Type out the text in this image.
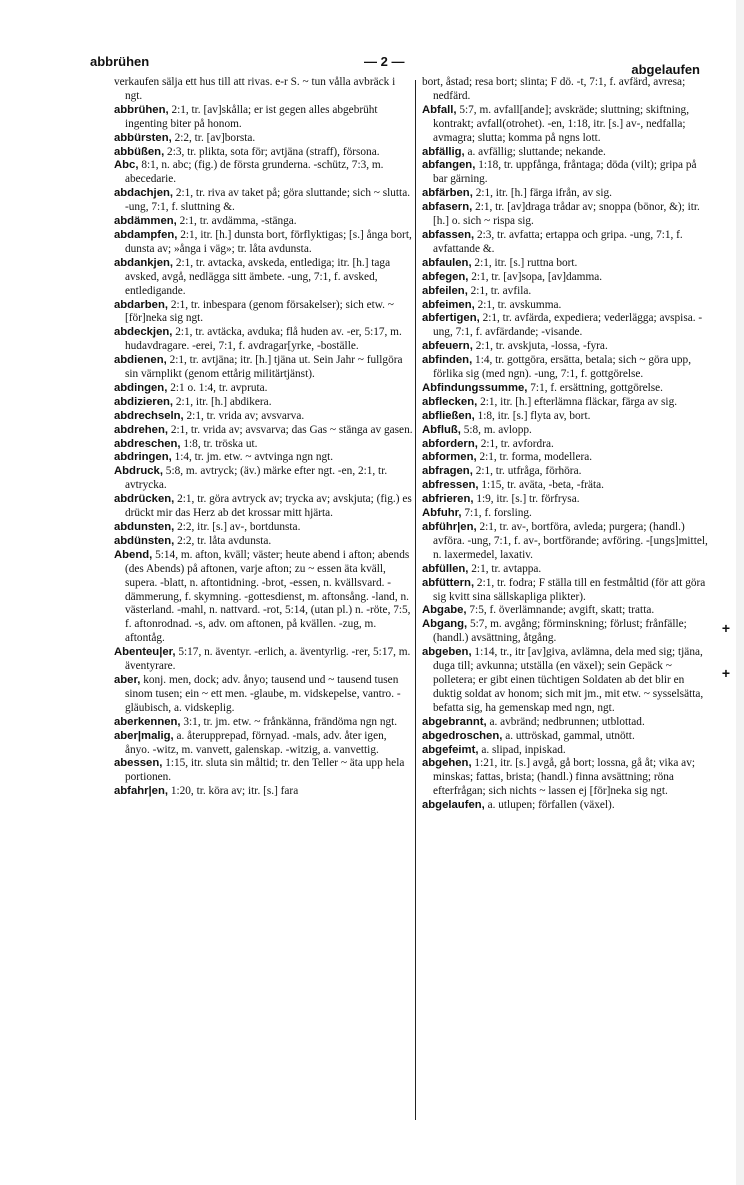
abbrühen	— 2 —
abgelaufen

verkaufen sälja ett hus till att rivas. e-r S. ~ tun vålla avbräck i ngt.

abbrühen, 2:1, tr. [av]skålla; er ist gegen alles abgebrüht ingenting biter på honom.

abbürsten, 2:2, tr. [av]borsta.

abbüßen, 2:3, tr. plikta, sota för; avtjäna (straff), försona.

Abc, 8:1, n. abc; (fig.) de första grunderna. -schütz, 7:3, m. abecedarie.

abdachjen, 2:1, tr. riva av taket på; göra sluttande; sich ~ slutta. -ung, 7:1, f. sluttning &.

abdämmen, 2:1, tr. avdämma, -stänga.

abdampfen, 2:1, itr. [h.] dunsta bort, förflyktigas; [s.] ånga bort, dunsta av; »ånga i väg»; tr. låta avdunsta.

abdankjen, 2:1, tr. avtacka, avskeda, entlediga; itr. [h.] taga avsked, avgå, nedlägga sitt ämbete. -ung, 7:1, f. avsked, entledigande.

abdarben, 2:1, tr. inbespara (genom försakelser); sich etw. ~ [för]neka sig ngt.

abdeckjen, 2:1, tr. avtäcka, avduka; flå huden av. -er, 5:17, m. hudavdragare. -erei, 7:1, f. avdragar[yrke, -boställe.

abdienen, 2:1, tr. avtjäna; itr. [h.] tjäna ut. Sein Jahr ~ fullgöra sin värnplikt (genom ettårig militärtjänst).

abdingen, 2:1 o. 1:4, tr. avpruta.

abdizieren, 2:1, itr. [h.] abdikera.

abdrechseln, 2:1, tr. vrida av; avsvarva.

abdrehen, 2:1, tr. vrida av; avsvarva; das Gas ~ stänga av gasen.

abdreschen, 1:8, tr. tröska ut.

abdringen, 1:4, tr. jm. etw. ~ avtvinga ngn ngt.

Abdruck, 5:8, m. avtryck; (äv.) märke efter ngt. -en, 2:1, tr. avtrycka.

abdrücken, 2:1, tr. göra avtryck av; trycka av; avskjuta; (fig.) es drückt mir das Herz ab det krossar mitt hjärta.

abdunsten, 2:2, itr. [s.] av-, bortdunsta.

abdünsten, 2:2, tr. låta avdunsta.

Abend, 5:14, m. afton, kväll; väster; heute abend i afton; abends (des Abends) på aftonen, varje afton; zu ~ essen äta kväll, supera. -blatt, n. aftontidning. -brot, -essen, n. kvällsvard. -dämmerung, f. skymning. -gottesdienst, m. aftonsång. -land, n. västerland. -mahl, n. nattvard. -rot, 5:14, (utan pl.) n. -röte, 7:5, f. aftonrodnad. -s, adv. om aftonen, på kvällen. -zug, m. aftontåg.

Abenteu|er, 5:17, n. äventyr. -erlich, a. äventyrlig. -rer, 5:17, m. äventyrare.

aber, konj. men, dock; adv. ånyo; tausend und ~ tausend tusen sinom tusen; ein ~ ett men. -glaube, m. vidskepelse, vantro. -gläubisch, a. vidskeplig.

aberkennen, 3:1, tr. jm. etw. ~ frånkänna, frändöma ngn ngt.

aber|malig, a. återupprepad, förnyad. -mals, adv. åter igen, ånyo. -witz, m. vanvett, galenskap. -witzig, a. vanvettig.

abessen, 1:15, itr. sluta sin måltid; tr. den Teller ~ äta upp hela portionen.

abfahr|en, 1:20, tr. köra av; itr. [s.] fara

bort, åstad; resa bort; slinta; F dö. -t, 7:1, f. avfärd, avresa; nedfärd.

Abfall, 5:7, m. avfall[ande]; avskräde; sluttning; skiftning, kontrakt; avfall(otrohet). -en, 1:18, itr. [s.] av-, nedfalla; avmagra; slutta; komma på ngns lott.

abfällig, a. avfällig; sluttande; nekande.

abfangen, 1:18, tr. uppfånga, fråntaga; döda (vilt); gripa på bar gärning.

abfärben, 2:1, itr. [h.] färga ifrån, av sig.

abfasern, 2:1, tr. [av]draga trådar av; snoppa (bönor, &); itr. [h.] o. sich ~ rispa sig.

abfassen, 2:3, tr. avfatta; ertappa och gripa. -ung, 7:1, f. avfattande &.

abfaulen, 2:1, itr. [s.] ruttna bort.

abfegen, 2:1, tr. [av]sopa, [av]damma.

abfeilen, 2:1, tr. avfila.

abfeimen, 2:1, tr. avskumma.

abfertigen, 2:1, tr. avfärda, expediera; vederlägga; avspisa. -ung, 7:1, f. avfärdande; -visande.

abfeuern, 2:1, tr. avskjuta, -lossa, -fyra.

abfinden, 1:4, tr. gottgöra, ersätta, betala; sich ~ göra upp, förlika sig (med ngn). -ung, 7:1, f. gottgörelse.

Abfindungssumme, 7:1, f. ersättning, gottgörelse.

abflecken, 2:1, itr. [h.] efterlämna fläckar, färga av sig.

abfließen, 1:8, itr. [s.] flyta av, bort.

Abfluß, 5:8, m. avlopp.

abfordern, 2:1, tr. avfordra.

abformen, 2:1, tr. forma, modellera.

abfragen, 2:1, tr. utfråga, förhöra.

abfressen, 1:15, tr. aväta, -beta, -fräta.

abfrieren, 1:9, itr. [s.] tr. förfrysa.

Abfuhr, 7:1, f. forsling.

abführ|en, 2:1, tr. av-, bortföra, avleda; purgera; (handl.) avföra. -ung, 7:1, f. av-, bortförande; avföring. -[ungs]mittel, n. laxermedel, laxativ.

abfüllen, 2:1, tr. avtappa.

abfüttern, 2:1, tr. fodra; F ställa till en festmåltid (för att göra sig kvitt sina sällskapliga plikter).

Abgabe, 7:5, f. överlämnande; avgift, skatt; tratta.

Abgang, 5:7, m. avgång; förminskning; förlust; frånfälle; (handl.) avsättning, åtgång.

abgeben, 1:14, tr., itr [av]giva, avlämna, dela med sig; tjäna, duga till; avkunna; utställa (en växel); sein Gepäck ~ polletera; er gibt einen tüchtigen Soldaten ab det blir en duktig soldat av honom; sich mit jm., mit etw. ~ sysselsätta, befatta sig, ha gemenskap med ngn, ngt.

abgebrannt, a. avbränd; nedbrunnen; utblottad.

abgedroschen, a. uttröskad, gammal, utnött.

abgefeimt, a. slipad, inpiskad.

abgehen, 1:21, itr. [s.] avgå, gå bort; lossna, gå åt; vika av; minskas; fattas, brista; (handl.) finna avsättning; röna efterfrågan; sich nichts ~ lassen ej [för]neka sig ngt.

abgelaufen, a. utlupen; förfallen (växel).

+
+
